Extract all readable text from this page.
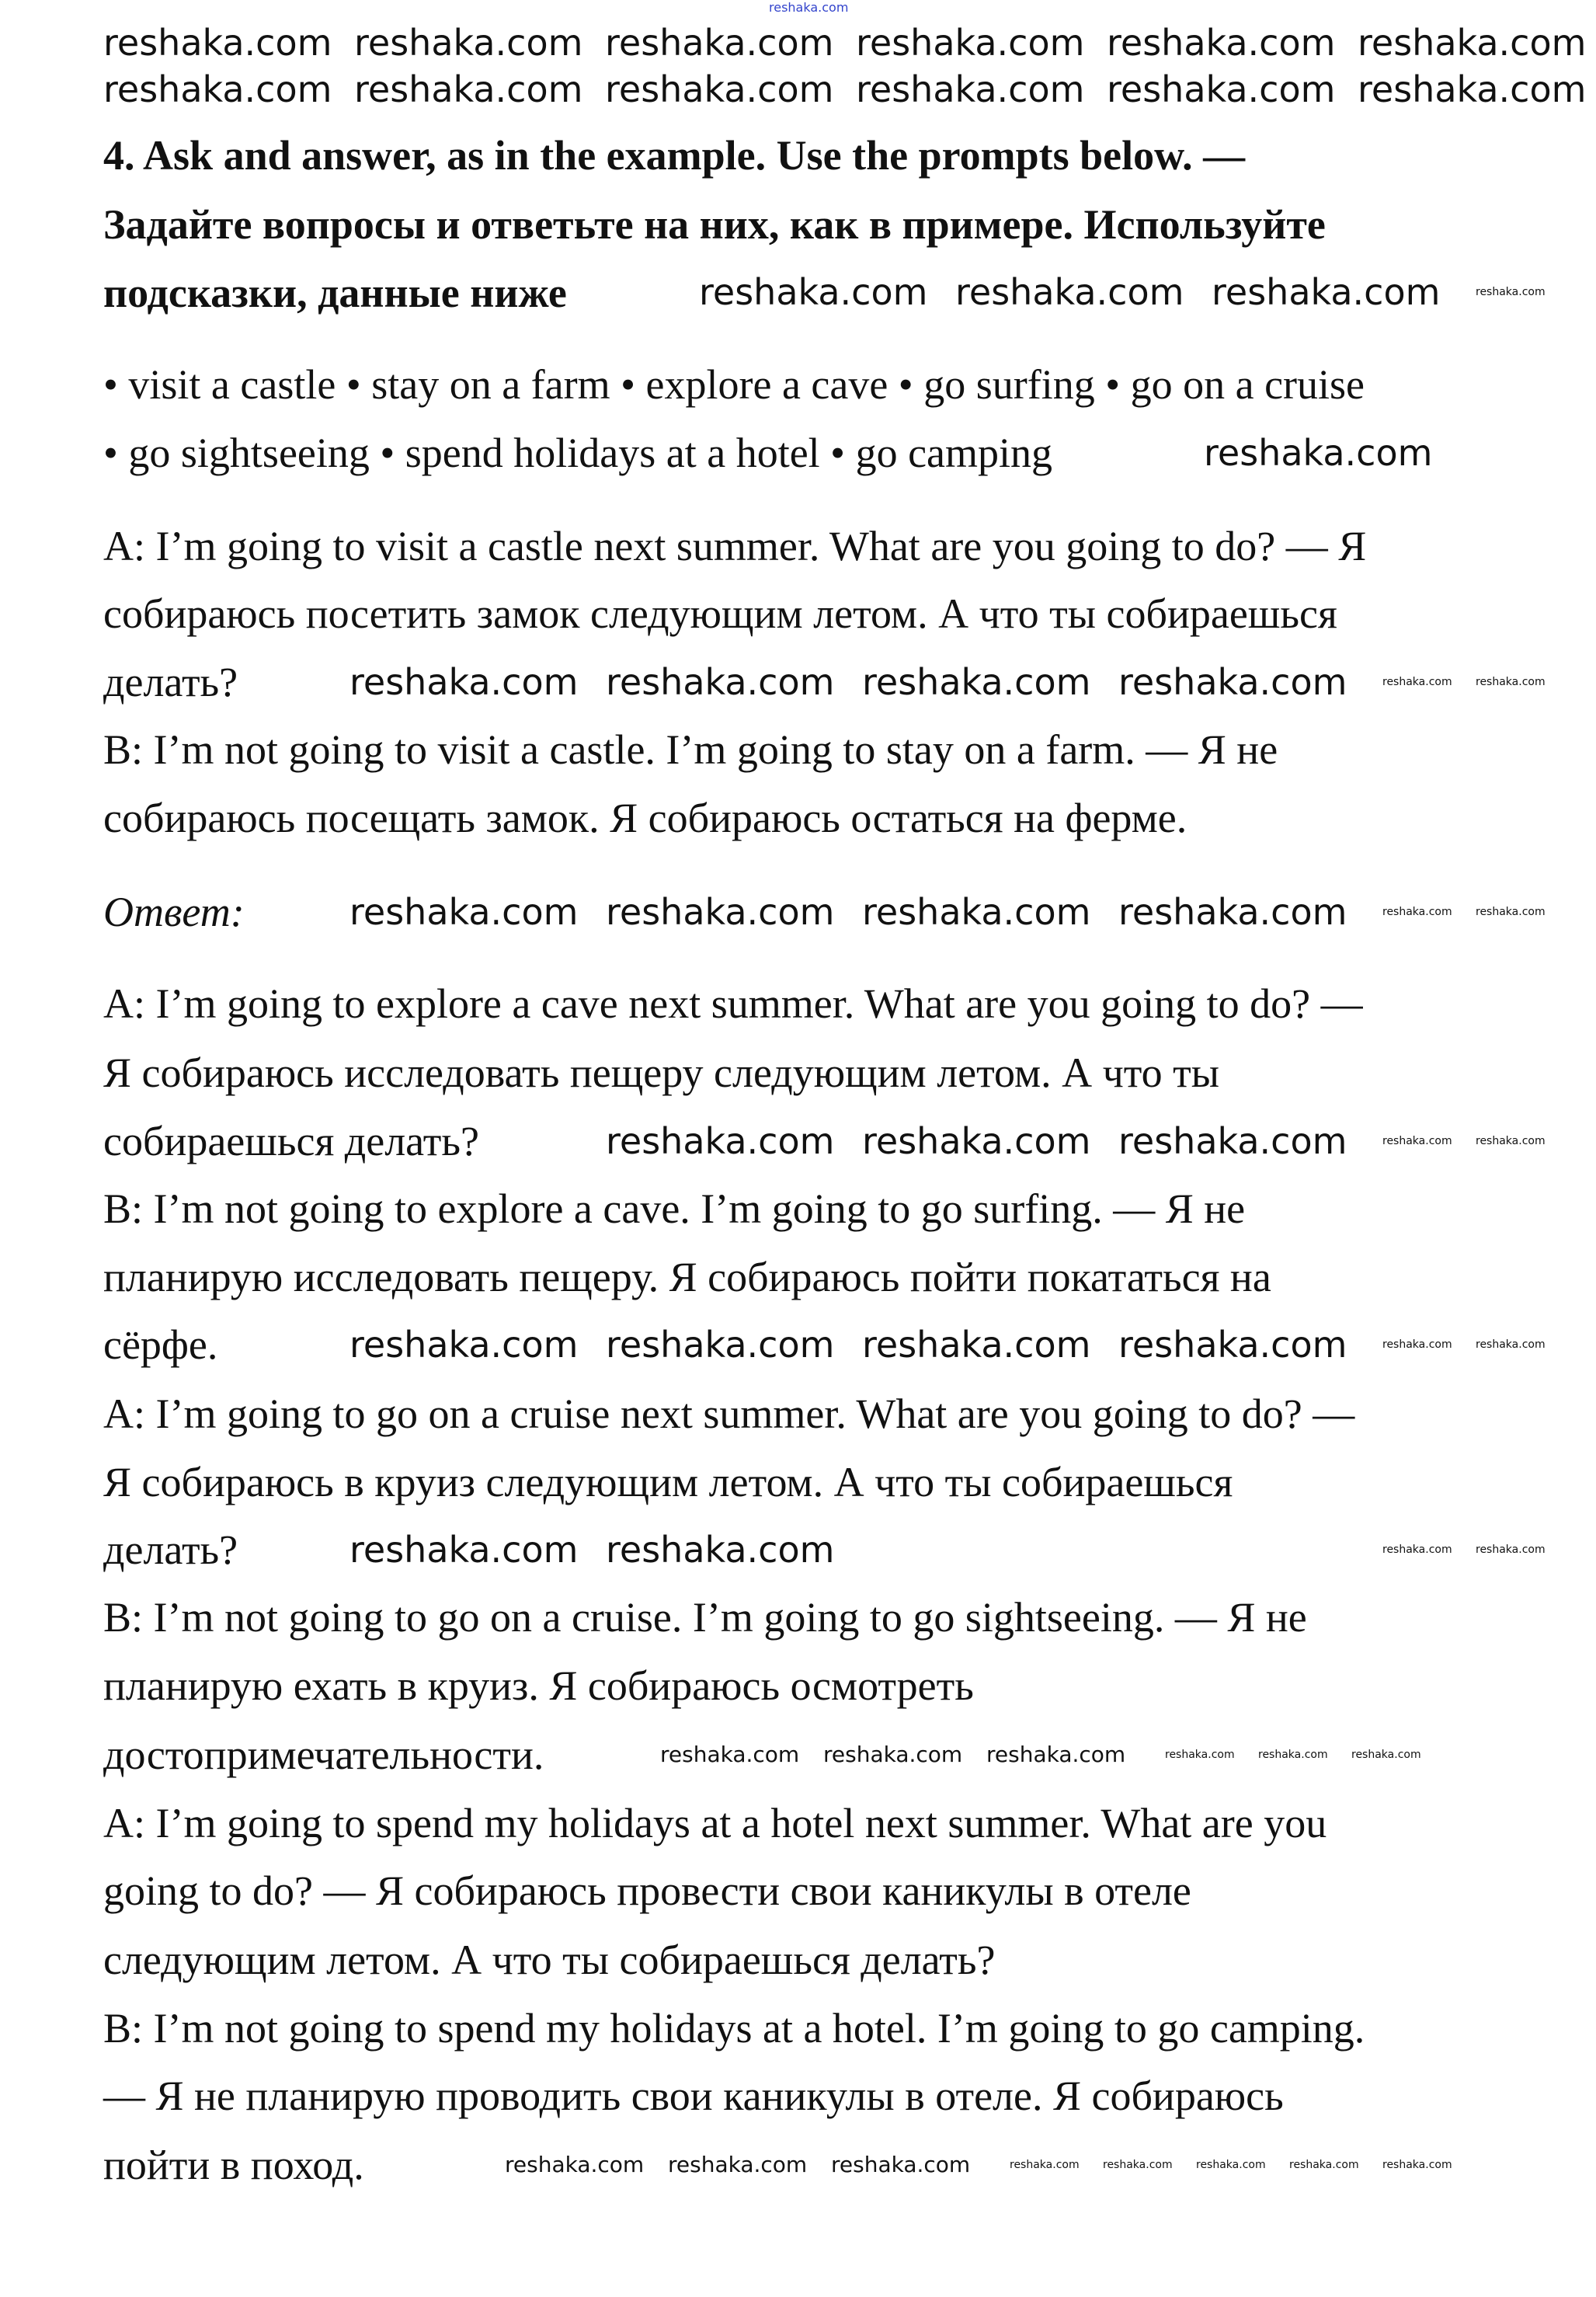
4. Ask and answer, as in the example. Use the prompts below. —
Задайте вопросы и ответьте на них, как в примере. Используйте
подсказки, данные ниже
• visit a castle • stay on a farm • explore a cave • go surfing • go on a cruise
• go sightseeing • spend holidays at a hotel • go camping
A: I’m going to visit a castle next summer. What are you going to do? — Я
собираюсь посетить замок следующим летом. А что ты собираешься
делать?
B: I’m not going to visit a castle. I’m going to stay on a farm. — Я не
собираюсь посещать замок. Я собираюсь остаться на ферме.
Ответ:
A: I’m going to explore a cave next summer. What are you going to do? —
Я собираюсь исследовать пещеру следующим летом. А что ты
собираешься делать?
B: I’m not going to explore a cave. I’m going to go surfing. — Я не
планирую исследовать пещеру. Я собираюсь пойти покататься на
сёрфе.
A: I’m going to go on a cruise next summer. What are you going to do? —
Я собираюсь в круиз следующим летом. А что ты собираешься
делать?
B: I’m not going to go on a cruise. I’m going to go sightseeing. — Я не
планирую ехать в круиз. Я собираюсь осмотреть
достопримечательности.
A: I’m going to spend my holidays at a hotel next summer. What are you
going to do? — Я собираюсь провести свои каникулы в отеле
следующим летом. А что ты собираешься делать?
B: I’m not going to spend my holidays at a hotel. I’m going to go camping.
— Я не планирую проводить свои каникулы в отеле. Я собираюсь
пойти в поход.
reshaka.com
reshaka.com reshaka.com reshaka.com reshaka.com reshaka.com reshaka.com
reshaka.com reshaka.com reshaka.com reshaka.com reshaka.com reshaka.com
reshaka.com reshaka.com reshaka.com
reshaka.com
reshaka.com reshaka.com reshaka.com reshaka.com
reshaka.com reshaka.com reshaka.com reshaka.com
reshaka.com reshaka.com reshaka.com
reshaka.com reshaka.com reshaka.com reshaka.com
reshaka.com reshaka.com
reshaka.com reshaka.com reshaka.com
reshaka.com reshaka.com reshaka.com	reshaka.com reshaka.com reshaka.com reshaka.com reshaka.com
reshaka.com reshaka.com reshaka.com
reshaka.com reshaka.com
reshaka.com reshaka.com
reshaka.com reshaka.com
reshaka.com reshaka.com
reshaka.com reshaka.com
reshaka.com
